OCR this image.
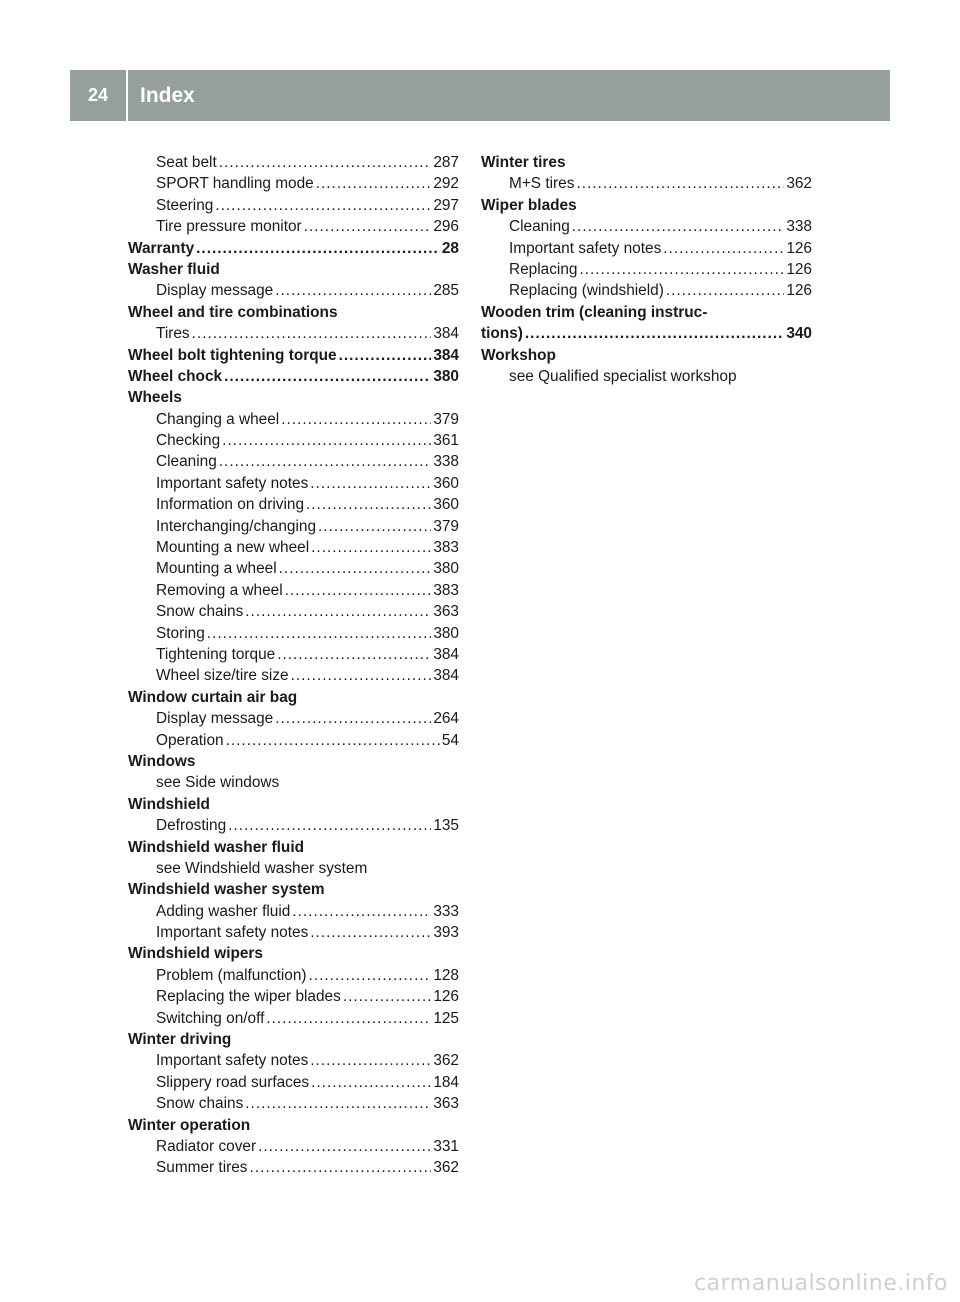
24	Index
Seat belt .....	287
SPORT handling mode .....	292
Steering .....	297
Tire pressure monitor .....	296
Warranty .....	28
Washer fluid
Display message .....	285
Wheel and tire combinations
Tires .....	384
Wheel bolt tightening torque .....	384
Wheel chock .....	380
Wheels
Changing a wheel .....	379
Checking .....	361
Cleaning .....	338
Important safety notes .....	360
Information on driving .....	360
Interchanging/changing .....	379
Mounting a new wheel .....	383
Mounting a wheel .....	380
Removing a wheel .....	383
Snow chains .....	363
Storing .....	380
Tightening torque .....	384
Wheel size/tire size .....	384
Window curtain air bag
Display message .....	264
Operation .....	54
Windows
see Side windows
Windshield
Defrosting .....	135
Windshield washer fluid
see Windshield washer system
Windshield washer system
Adding washer fluid .....	333
Important safety notes .....	393
Windshield wipers
Problem (malfunction) .....	128
Replacing the wiper blades .....	126
Switching on/off .....	125
Winter driving
Important safety notes .....	362
Slippery road surfaces .....	184
Snow chains .....	363
Winter operation
Radiator cover .....	331
Summer tires .....	362
Winter tires
M+S tires .....	362
Wiper blades
Cleaning .....	338
Important safety notes .....	126
Replacing .....	126
Replacing (windshield) .....	126
Wooden trim (cleaning instruc-
tions) .....	340
Workshop
see Qualified specialist workshop
carmanualsonline.info
